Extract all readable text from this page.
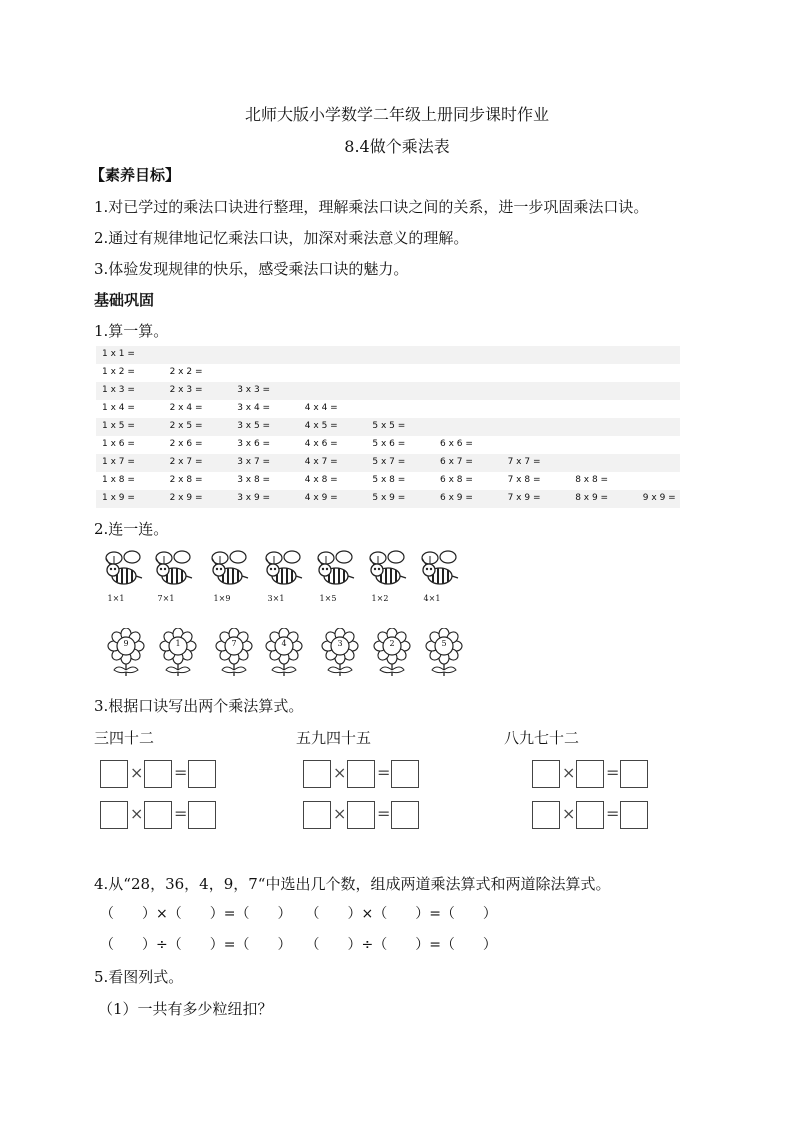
北师大版小学数学二年级上册同步课时作业
8.4做个乘法表
【素养目标】
1.对已学过的乘法口诀进行整理，理解乘法口诀之间的关系，进一步巩固乘法口诀。
2.通过有规律地记忆乘法口诀，加深对乘法意义的理解。
3.体验发现规律的快乐，感受乘法口诀的魅力。
基础巩固
1.算一算。
1 x 1 =
1 x 2 =	2 x 2 =
1 x 3 =	2 x 3 =	3 x 3 =
1 x 4 =	2 x 4 =	3 x 4 =	4 x 4 =
1 x 5 =	2 x 5 =	3 x 5 =	4 x 5 =	5 x 5 =
1 x 6 =	2 x 6 =	3 x 6 =	4 x 6 =	5 x 6 =	6 x 6 =
1 x 7 =	2 x 7 =	3 x 7 =	4 x 7 =	5 x 7 =	6 x 7 =	7 x 7 =
1 x 8 =	2 x 8 =	3 x 8 =	4 x 8 =	5 x 8 =	6 x 8 =	7 x 8 =	8 x 8 =
1 x 9 =	2 x 9 =	3 x 9 =	4 x 9 =	5 x 9 =	6 x 9 =	7 x 9 =	8 x 9 =	9 x 9 =
2.连一连。
1×1	7×1	1×9	3×1	1×5	1×2	4×1
9	1	7	4	3	2	5
3.根据口诀写出两个乘法算式。
三四十二	五九四十五	八九七十二
× =
× =
× =
× =
× =
× =
4.从“28，36，4，9，7“中选出几个数，组成两道乘法算式和两道除法算式。
（　　）×（　　）=（　　）　　（　　）×（　　）=（　　）
（　　）÷（　　）=（　　）　　（　　）÷（　　）=（　　）
5.看图列式。
（1）一共有多少粒纽扣？
